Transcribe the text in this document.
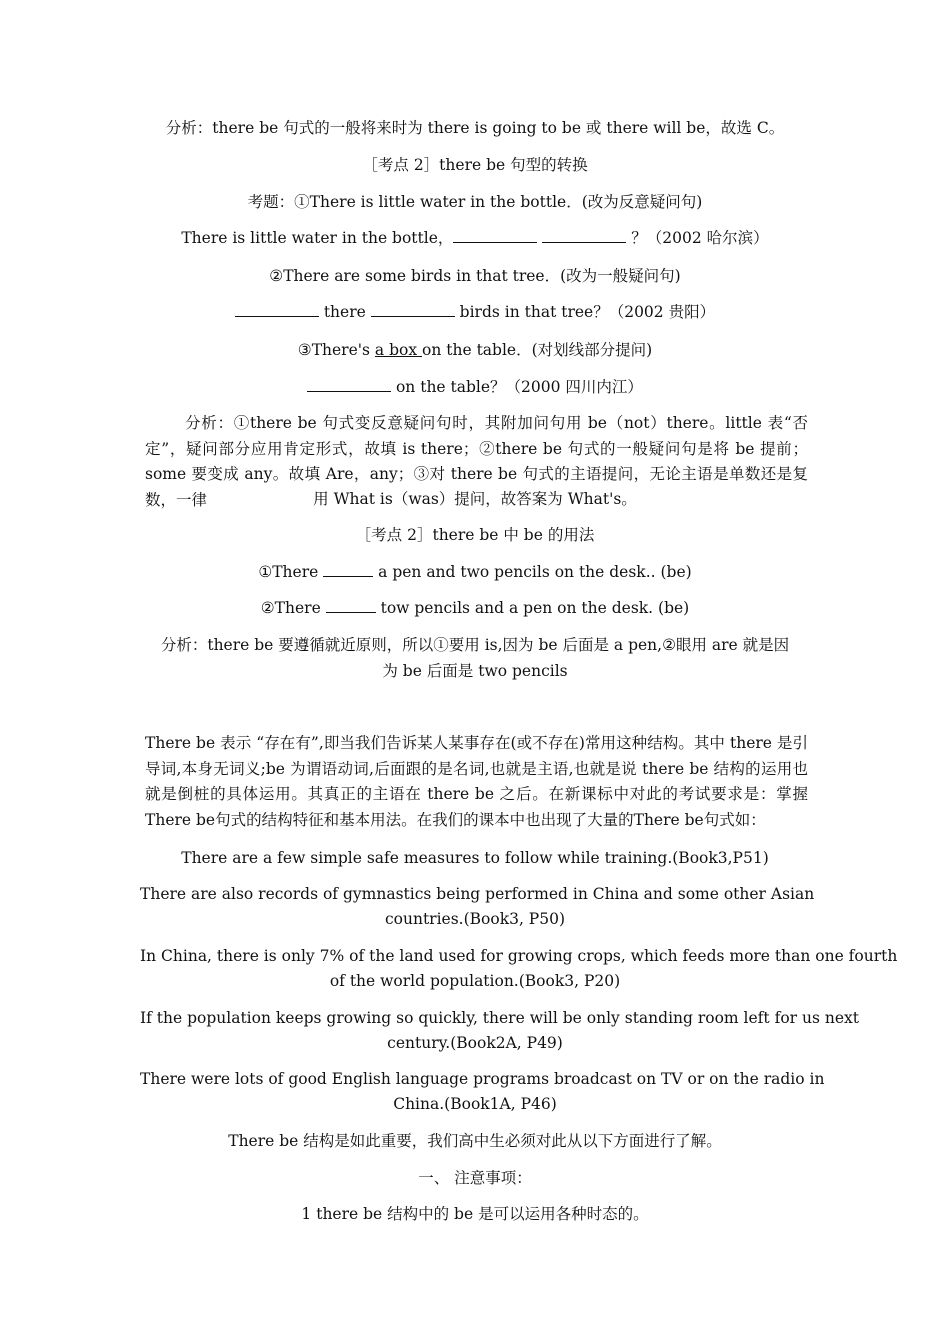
分析：there be 句式的一般将来时为 there is going to be 或 there will be，故选 C。
［考点 2］there be 句型的转换
考题：①There is little water in the bottle．(改为反意疑问句)
There is little water in the bottle，	？（2002 哈尔滨）
②There are some birds in that tree．(改为一般疑问句)
there	birds in that tree？（2002 贵阳）
③There's a box on the table．(对划线部分提问)
on the table？（2000 四川内江）
分析：①there be 句式变反意疑问句时，其附加问句用 be（not）there。little 表“否定”，疑问部分应用肯定形式，故填 is there；②there be 句式的一般疑问句是将 be 提前；some 要变成 any。故填 Are，any；③对 there be 句式的主语提问，无论主语是单数还是复数，一律	用 What is（was）提问，故答案为 What's。
［考点 2］there be 中 be 的用法
①There	a pen and two pencils on the desk.. (be)
②There	tow pencils and a pen on the desk. (be)
分析：there be 要遵循就近原则，所以①要用 is,因为 be 后面是 a pen,②眼用 are 就是因
为 be 后面是 two pencils
There be 表示 “存在有”,即当我们告诉某人某事存在(或不存在)常用这种结构。其中 there 是引导词,本身无词义;be 为谓语动词,后面跟的是名词,也就是主语,也就是说 there be 结构的运用也就是倒桩的具体运用。其真正的主语在 there be 之后。在新课标中对此的考试要求是：掌握There be句式的结构特征和基本用法。在我们的课本中也出现了大量的There be句式如：
There are a few simple safe measures to follow while training.(Book3,P51)
There are also records of gymnastics being performed in China and some other Asian
countries.(Book3, P50)
In China, there is only 7% of the land used for growing crops, which feeds more than one fourth
of the world population.(Book3, P20)
If the population keeps growing so quickly, there will be only standing room left for us next
century.(Book2A, P49)
There were lots of good English language programs broadcast on TV or on the radio in
China.(Book1A, P46)
There be 结构是如此重要，我们高中生必须对此从以下方面进行了解。
一、 注意事项：
1 there be 结构中的 be 是可以运用各种时态的。
